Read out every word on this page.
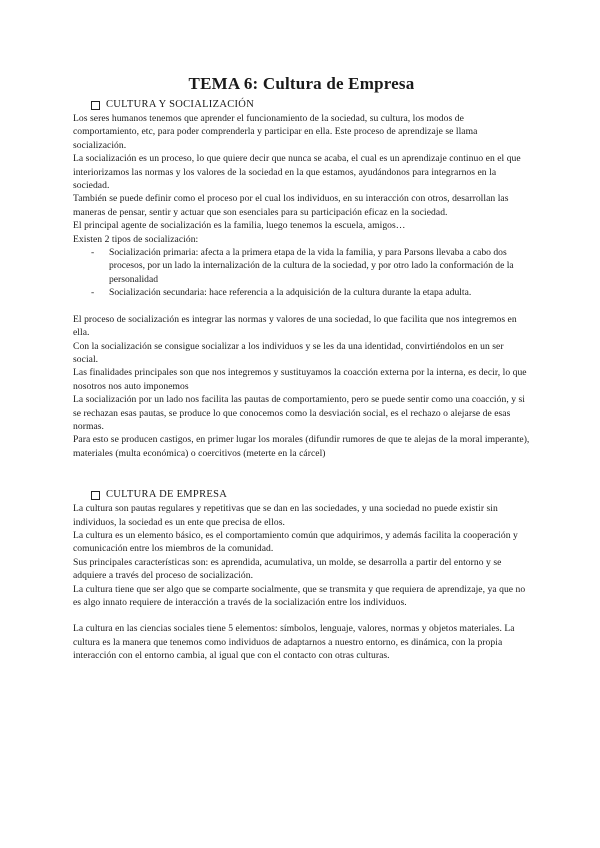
TEMA 6: Cultura de Empresa
CULTURA Y SOCIALIZACIÓN

Los seres humanos tenemos que aprender el funcionamiento de la sociedad, su cultura, los modos de comportamiento, etc, para poder comprenderla y participar en ella. Este proceso de aprendizaje se llama socialización.

La socialización es un proceso, lo que quiere decir que nunca se acaba, el cual es un aprendizaje continuo en el que interiorizamos las normas y los valores de la sociedad en la que estamos, ayudándonos para integrarnos en la sociedad.

También se puede definir como el proceso por el cual los individuos, en su interacción con otros, desarrollan las maneras de pensar, sentir y actuar que son esenciales para su participación eficaz en la sociedad.

El principal agente de socialización es la familia, luego tenemos la escuela, amigos…

Existen 2 tipos de socialización:

- Socialización primaria: afecta a la primera etapa de la vida la familia, y para Parsons llevaba a cabo dos procesos, por un lado la internalización de la cultura de la sociedad, y por otro lado la conformación de la personalidad
- Socialización secundaria: hace referencia a la adquisición de la cultura durante la etapa adulta.

El proceso de socialización es integrar las normas y valores de una sociedad, lo que facilita que nos integremos en ella.

Con la socialización se consigue socializar a los individuos y se les da una identidad, convirtiéndolos en un ser social.

Las finalidades principales son que nos integremos y sustituyamos la coacción externa por la interna, es decir, lo que nosotros nos auto imponemos

La socialización por un lado nos facilita las pautas de comportamiento, pero se puede sentir como una coacción, y si se rechazan esas pautas, se produce lo que conocemos como la desviación social, es el rechazo o alejarse de esas normas.

Para esto se producen castigos, en primer lugar los morales (difundir rumores de que te alejas de la moral imperante), materiales (multa económica) o coercitivos (meterte en la cárcel)

CULTURA DE EMPRESA

La cultura son pautas regulares y repetitivas que se dan en las sociedades, y una sociedad no puede existir sin individuos, la sociedad es un ente que precisa de ellos.

La cultura es un elemento básico, es el comportamiento común que adquirimos, y además facilita la cooperación y comunicación entre los miembros de la comunidad.

Sus principales características son: es aprendida, acumulativa, un molde, se desarrolla a partir del entorno y se adquiere a través del proceso de socialización.

La cultura tiene que ser algo que se comparte socialmente, que se transmita y que requiera de aprendizaje, ya que no es algo innato requiere de interacción a través de la socialización entre los individuos.

La cultura en las ciencias sociales tiene 5 elementos: símbolos, lenguaje, valores, normas y objetos materiales. La cultura es la manera que tenemos como individuos de adaptarnos a nuestro entorno, es dinámica, con la propia interacción con el entorno cambia, al igual que con el contacto con otras culturas.
